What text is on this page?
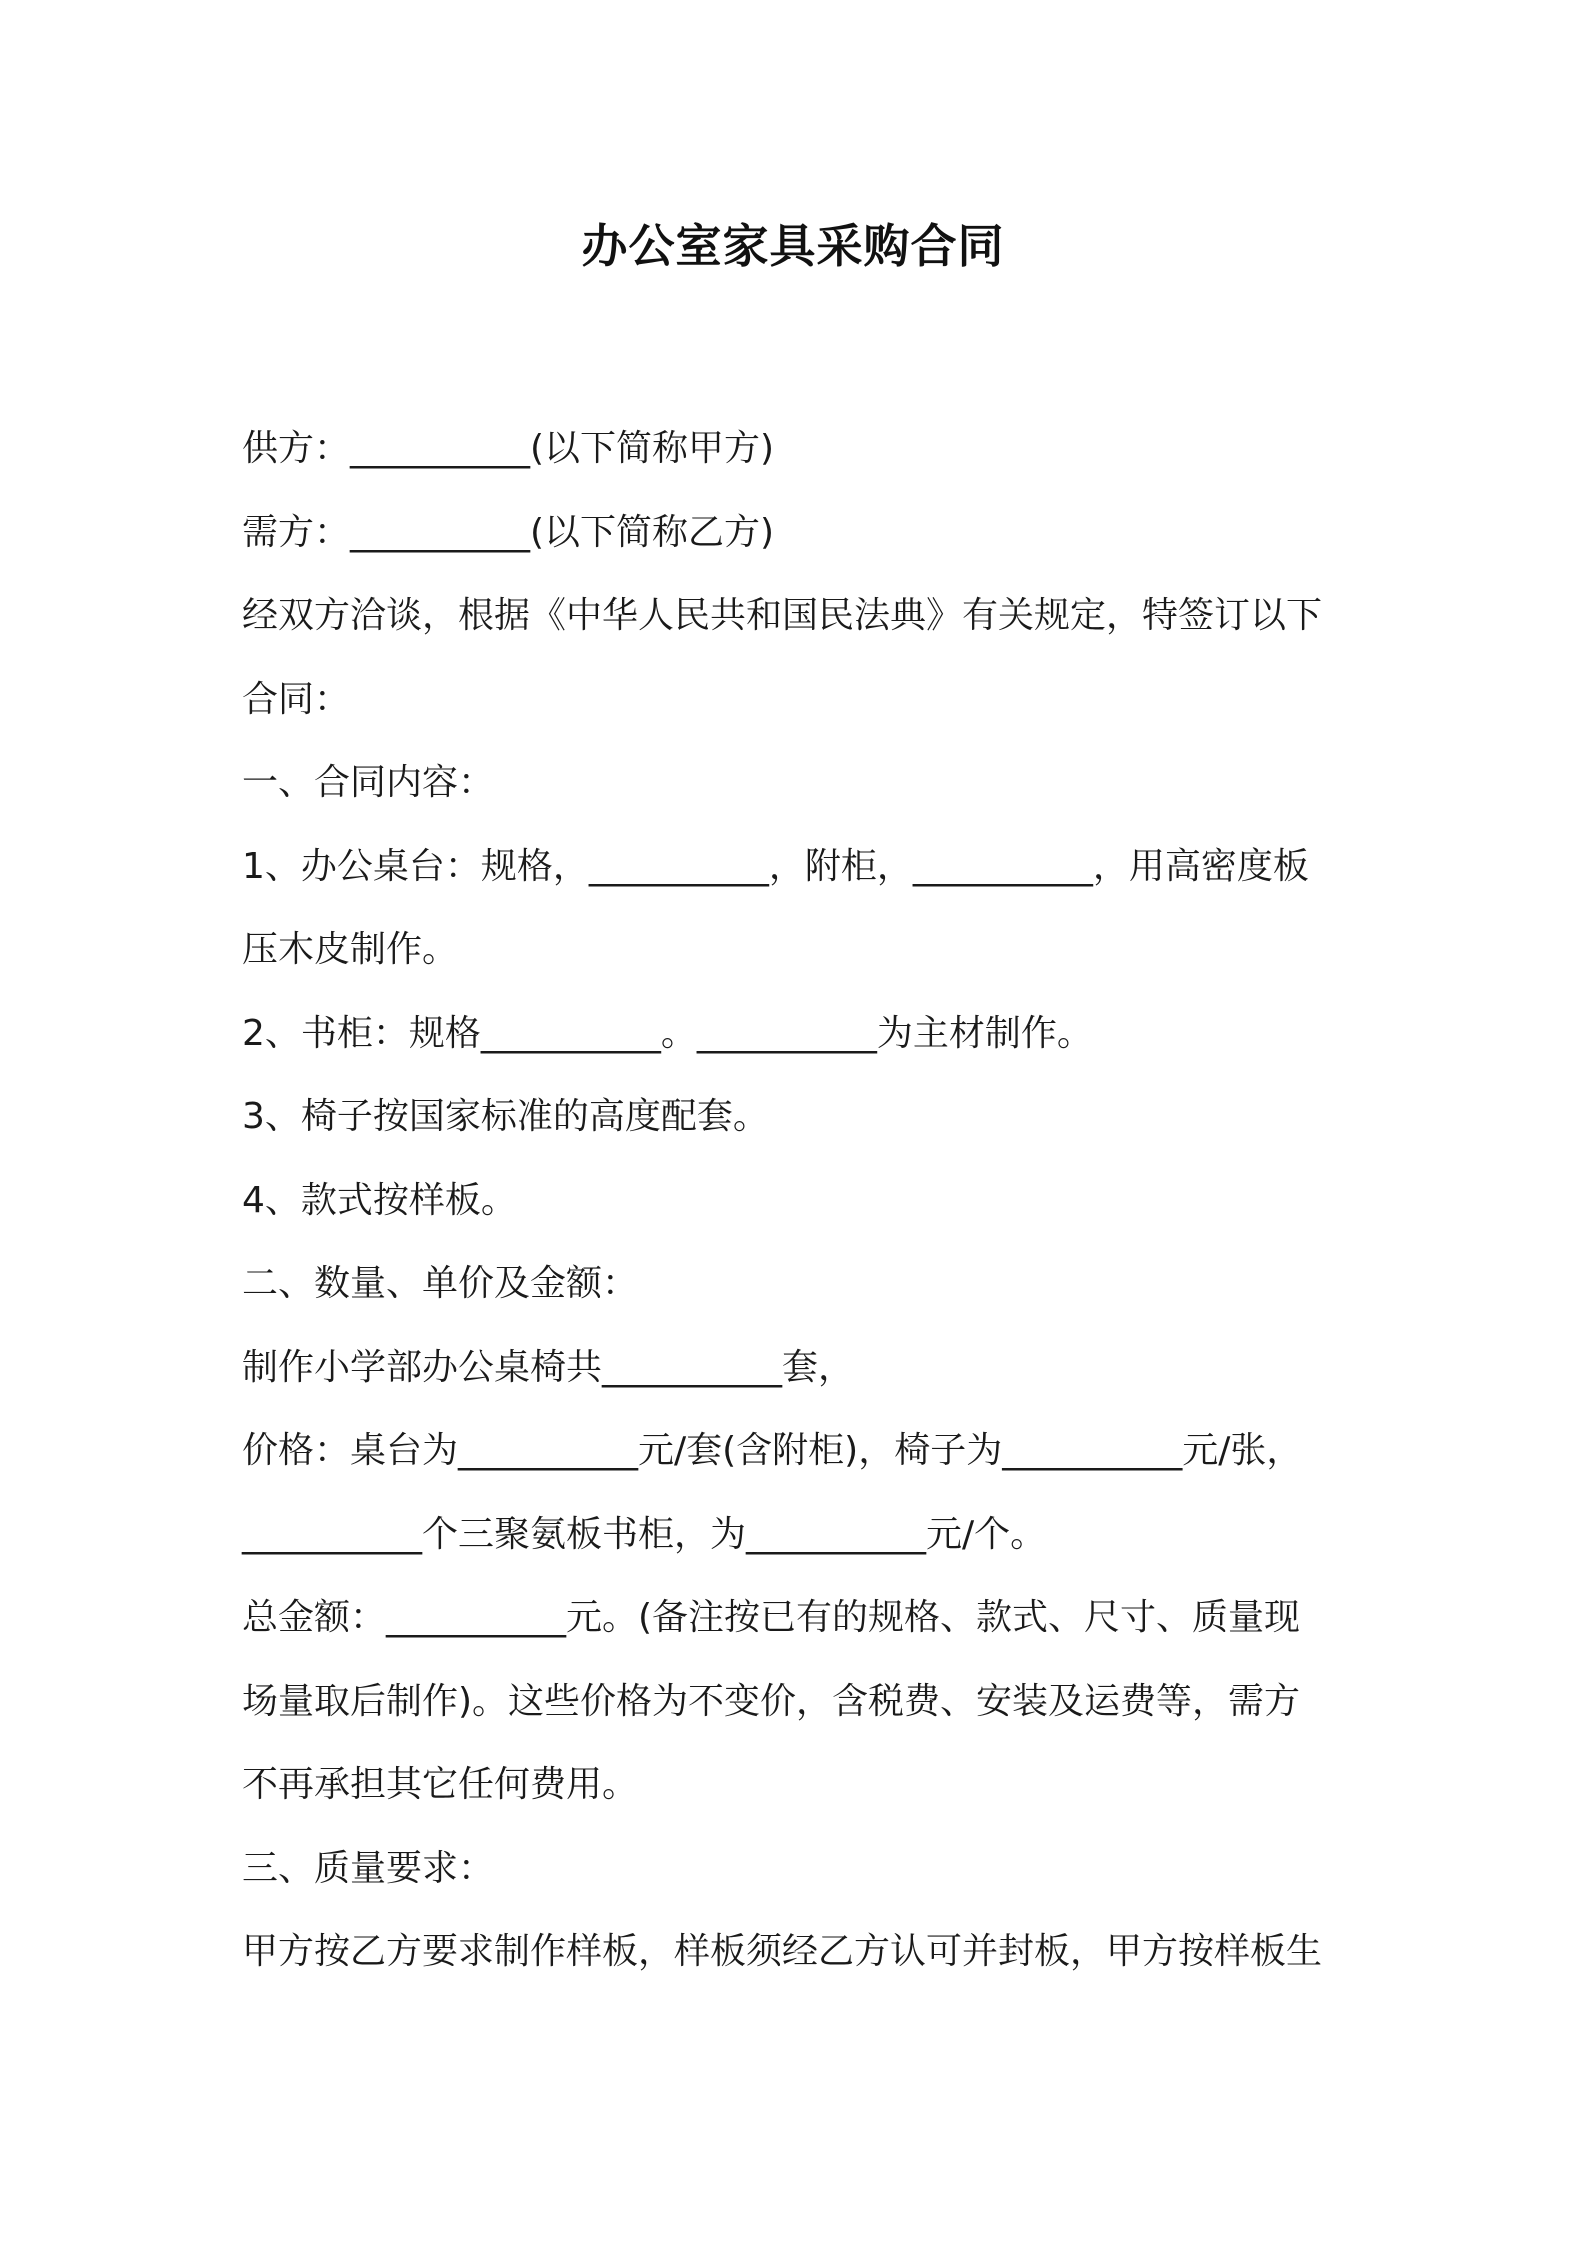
办公室家具采购合同
供方：__________(以下简称甲方)
需方：__________(以下简称乙方)
经双方洽谈，根据《中华人民共和国民法典》有关规定，特签订以下
合同：
一、合同内容：
1、办公桌台：规格，__________，附柜，__________，用高密度板
压木皮制作。
2、书柜：规格__________。__________为主材制作。
3、椅子按国家标准的高度配套。
4、款式按样板。
二、数量、单价及金额：
制作小学部办公桌椅共__________套，
价格：桌台为__________元/套(含附柜)，椅子为__________元/张，
__________个三聚氨板书柜，为__________元/个。
总金额：__________元。(备注按已有的规格、款式、尺寸、质量现
场量取后制作)。这些价格为不变价，含税费、安装及运费等，需方
不再承担其它任何费用。
三、质量要求：
甲方按乙方要求制作样板，样板须经乙方认可并封板，甲方按样板生
